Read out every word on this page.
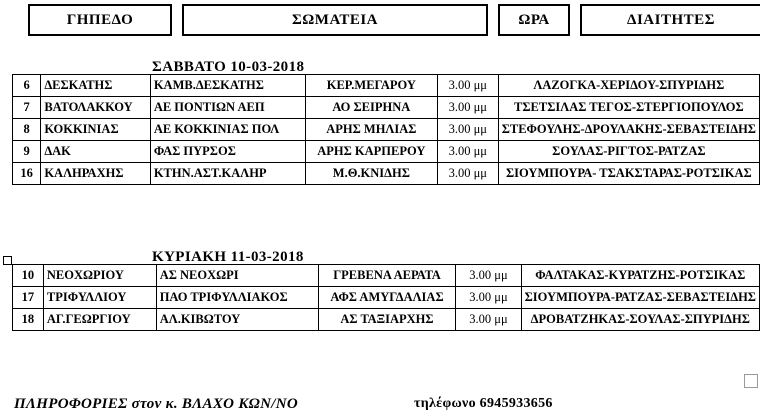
ΓΗΠΕΔΟ		ΣΩΜΑΤΕΙΑ		ΩΡΑ		ΔΙΑΙΤΗΤΕΣ
ΣΑΒΒΑΤΟ 10-03-2018
6	ΔΕΣΚΑΤΗΣ	ΚΑΜΒ.ΔΕΣΚΑΤΗΣ	ΚΕΡ.ΜΕΓΑΡΟΥ	3.00 μμ	ΛΑΖΟΓΚΑ-ΧΕΡΙΔΟΥ-ΣΠΥΡΙΔΗΣ
7	ΒΑΤΟΛΑΚΚΟΥ	ΑΕ ΠΟΝΤΙΩΝ ΑΕΠ	ΑΟ ΣΕΙΡΗΝΑ	3.00 μμ	ΤΣΕΤΣΙΛΑΣ ΤΕΓΟΣ-ΣΤΕΡΓΙΟΠΟΥΛΟΣ
8	ΚΟΚΚΙΝΙΑΣ	ΑΕ ΚΟΚΚΙΝΙΑΣ ΠΟΛ	ΑΡΗΣ ΜΗΛΙΑΣ	3.00 μμ	ΣΤΕΦΟΥΛΗΣ-ΔΡΟΥΛΑΚΗΣ-ΣΕΒΑΣΤΕΙΔΗΣ
9	ΔΑΚ	ΦΑΣ ΠΥΡΣΟΣ	ΑΡΗΣ ΚΑΡΠΕΡΟΥ	3.00 μμ	ΣΟΥΛΑΣ-ΡΙΓΤΟΣ-ΡΑΤΖΑΣ
16	ΚΑΛΗΡΑΧΗΣ	ΚΤΗΝ.ΑΣΤ.ΚΑΛΗΡ	Μ.Θ.ΚΝΙΔΗΣ	3.00 μμ	ΣΙΟΥΜΠΟΥΡΑ- ΤΣΑΚΣΤΑΡΑΣ-ΡΟΤΣΙΚΑΣ
ΚΥΡΙΑΚΗ 11-03-2018
10	ΝΕΟΧΩΡΙΟΥ	ΑΣ ΝΕΟΧΩΡΙ	ΓΡΕΒΕΝΑ ΑΕΡΑΤΑ	3.00 μμ	ΦΑΛΤΑΚΑΣ-ΚΥΡΑΤΖΗΣ-ΡΟΤΣΙΚΑΣ
17	ΤΡΙΦΥΛΛΙΟΥ	ΠΑΟ ΤΡΙΦΥΛΛΙΑΚΟΣ	ΑΦΣ ΑΜΥΓΔΑΛΙΑΣ	3.00 μμ	ΣΙΟΥΜΠΟΥΡΑ-ΡΑΤΖΑΣ-ΣΕΒΑΣΤΕΙΔΗΣ
18	ΑΓ.ΓΕΩΡΓΙΟΥ	ΑΛ.ΚΙΒΩΤΟΥ	ΑΣ ΤΑΞΙΑΡΧΗΣ	3.00 μμ	ΔΡΟΒΑΤΖΗΚΑΣ-ΣΟΥΛΑΣ-ΣΠΥΡΙΔΗΣ
ΠΛΗΡΟΦΟΡΙΕΣ στον κ. ΒΛΑΧΟ ΚΩΝ/ΝΟ	τηλέφωνο 6945933656
